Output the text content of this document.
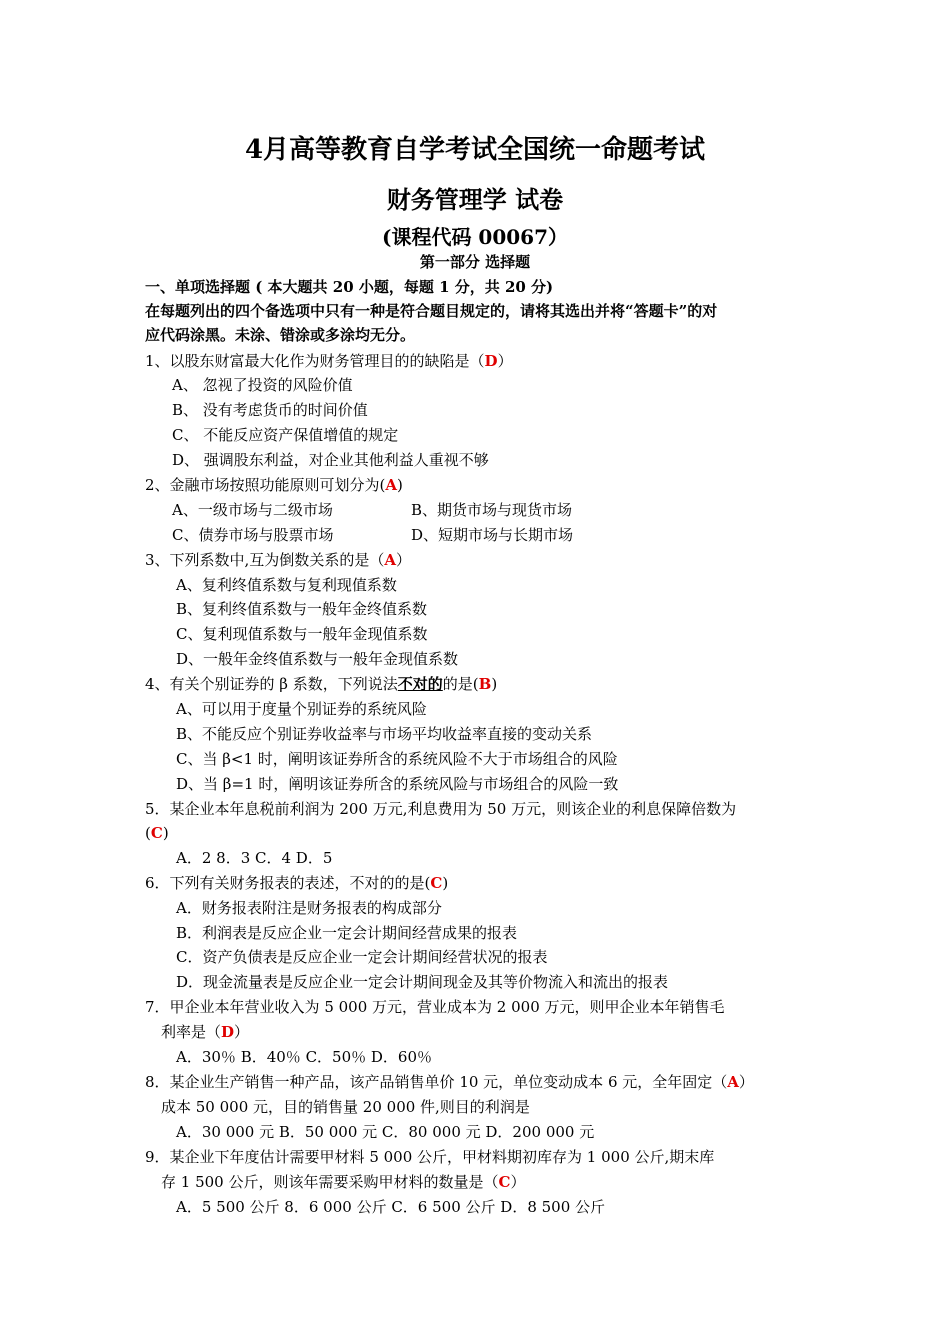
4月高等教育自学考试全国统一命题考试
财务管理学 试卷
(课程代码 00067）
第一部分 选择题
一、单项选择题 ( 本大题共 20 小题，每题 1 分，共 20 分)
在每题列出的四个备选项中只有一种是符合题目规定的，请将其选出并将“答题卡”的对
应代码涂黑。未涂、错涂或多涂均无分。
1、以股东财富最大化作为财务管理目的的缺陷是（D）
A、 忽视了投资的风险价值
B、 没有考虑货币的时间价值
C、 不能反应资产保值增值的规定
D、 强调股东利益，对企业其他利益人重视不够
2、金融市场按照功能原则可划分为(A)
A、一级市场与二级市场	B、期货市场与现货市场
C、债券市场与股票市场	D、短期市场与长期市场
3、下列系数中,互为倒数关系的是（A）
A、复利终值系数与复利现值系数
B、复利终值系数与一般年金终值系数
C、复利现值系数与一般年金现值系数
D、一般年金终值系数与一般年金现值系数
4、有关个别证券的 β 系数，下列说法不对的的是(B)
A、可以用于度量个别证券的系统风险
B、不能反应个别证券收益率与市场平均收益率直接的变动关系
C、当 β<1 时，阐明该证券所含的系统风险不大于市场组合的风险
D、当 β=1 时，阐明该证券所含的系统风险与市场组合的风险一致
5．某企业本年息税前利润为 200 万元,利息费用为 50 万元，则该企业的利息保障倍数为
(C)
A．2 8．3 C．4 D．5
6．下列有关财务报表的表述，不对的的是(C)
A．财务报表附注是财务报表的构成部分
B．利润表是反应企业一定会计期间经营成果的报表
C．资产负债表是反应企业一定会计期间经营状况的报表
D．现金流量表是反应企业一定会计期间现金及其等价物流入和流出的报表
7．甲企业本年营业收入为 5 000 万元，营业成本为 2 000 万元，则甲企业本年销售毛
利率是（D）
A．30％ B．40％ C．50％ D．60％
8．某企业生产销售一种产品，该产品销售单价 10 元，单位变动成本 6 元，全年固定（A）
成本 50 000 元，目的销售量 20 000 件,则目的利润是
A．30 000 元 B．50 000 元 C．80 000 元 D．200 000 元
9．某企业下年度估计需要甲材料 5 000 公斤，甲材料期初库存为 1 000 公斤,期末库
存 1 500 公斤，则该年需要采购甲材料的数量是（C）
A．5 500 公斤 8．6 000 公斤 C．6 500 公斤 D．8 500 公斤
